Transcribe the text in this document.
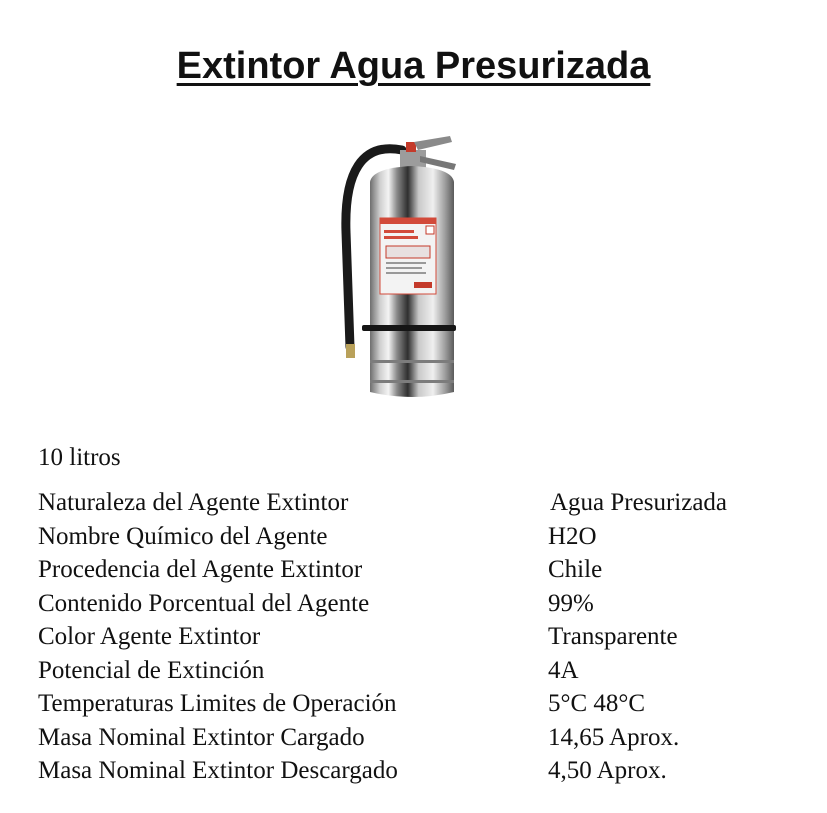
Extintor Agua Presurizada
10 litros
Naturaleza del Agente Extintor	Agua Presurizada
Nombre Químico del Agente	H2O
Procedencia del Agente Extintor	Chile
Contenido Porcentual del Agente	99%
Color Agente Extintor	Transparente
Potencial de Extinción	4A
Temperaturas Limites de Operación	5°C 48°C
Masa Nominal Extintor Cargado	14,65 Aprox.
Masa Nominal Extintor Descargado	4,50 Aprox.
